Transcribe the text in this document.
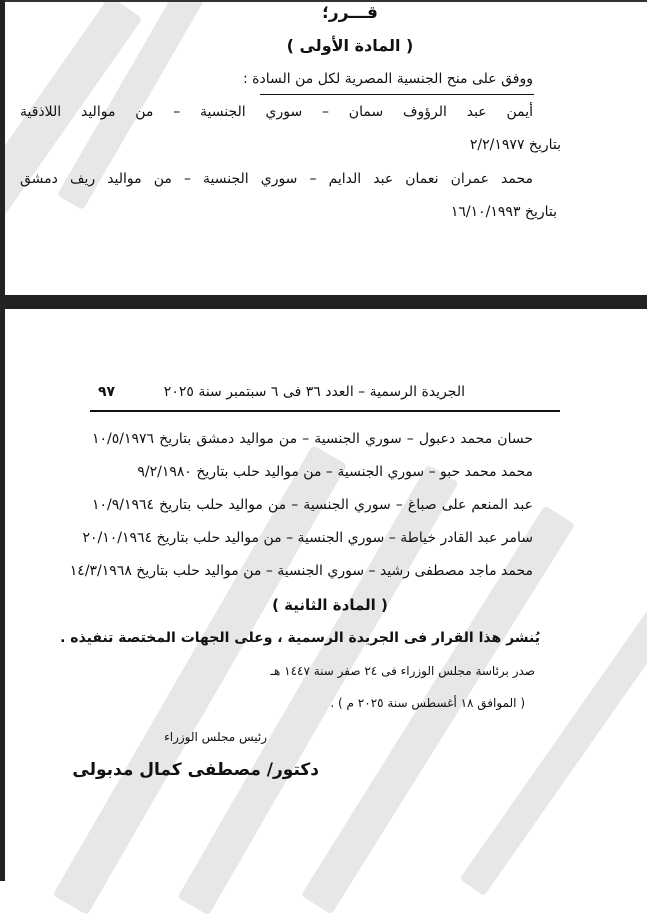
قـــرر؛
( المادة الأولى )
ووفق على منح الجنسية المصرية لكل من السادة :
أيمن عبد الرؤوف سمان – سوري الجنسية – من مواليد اللاذقية
بتاريخ ٢/٢/١٩٧٧
محمد عمران نعمان عبد الدايم – سوري الجنسية – من مواليد ريف دمشق
بتاريخ ١٦/١٠/١٩٩٣
الجريدة الرسمية – العدد ٣٦ فى ٦ سبتمبر سنة ٢٠٢٥
٩٧
حسان محمد دعبول – سوري الجنسية – من مواليد دمشق بتاريخ ١٠/٥/١٩٧٦
محمد محمد حبو – سوري الجنسية – من مواليد حلب بتاريخ ٩/٢/١٩٨٠
عبد المنعم على صباغ – سوري الجنسية – من مواليد حلب بتاريخ ١٠/٩/١٩٦٤
سامر عبد القادر خياطة – سوري الجنسية – من مواليد حلب بتاريخ ٢٠/١٠/١٩٦٤
محمد ماجد مصطفى رشيد – سوري الجنسية – من مواليد حلب بتاريخ ١٤/٣/١٩٦٨
( المادة الثانية )
يُنشر هذا القرار فى الجريدة الرسمية ، وعلى الجهات المختصة تنفيذه .
صدر برئاسة مجلس الوزراء فى ٢٤ صفر سنة ١٤٤٧ هـ
( الموافق ١٨ أغسطس سنة ٢٠٢٥ م ) .
رئيس مجلس الوزراء
دكتور/ مصطفى كمال مدبولى
